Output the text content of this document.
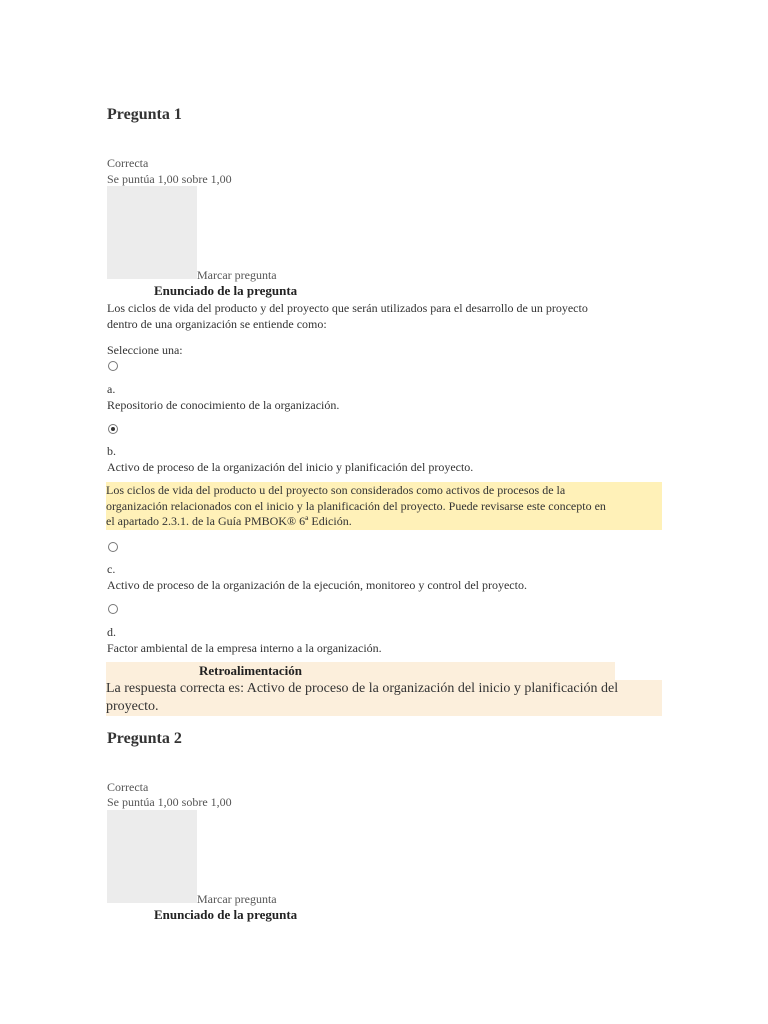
Pregunta 1
Correcta
Se puntúa 1,00 sobre 1,00
Marcar pregunta
Enunciado de la pregunta
Los ciclos de vida del producto y del proyecto que serán utilizados para el desarrollo de un proyecto
dentro de una organización se entiende como:
Seleccione una:
a.
Repositorio de conocimiento de la organización.
b.
Activo de proceso de la organización del inicio y planificación del proyecto.
Los ciclos de vida del producto u del proyecto son considerados como activos de procesos de la
organización relacionados con el inicio y la planificación del proyecto. Puede revisarse este concepto en
el apartado 2.3.1. de la Guía PMBOK® 6ª Edición.
c.
Activo de proceso de la organización de la ejecución, monitoreo y control del proyecto.
d.
Factor ambiental de la empresa interno a la organización.
Retroalimentación
La respuesta correcta es: Activo de proceso de la organización del inicio y planificación del
proyecto.
Pregunta 2
Correcta
Se puntúa 1,00 sobre 1,00
Marcar pregunta
Enunciado de la pregunta
